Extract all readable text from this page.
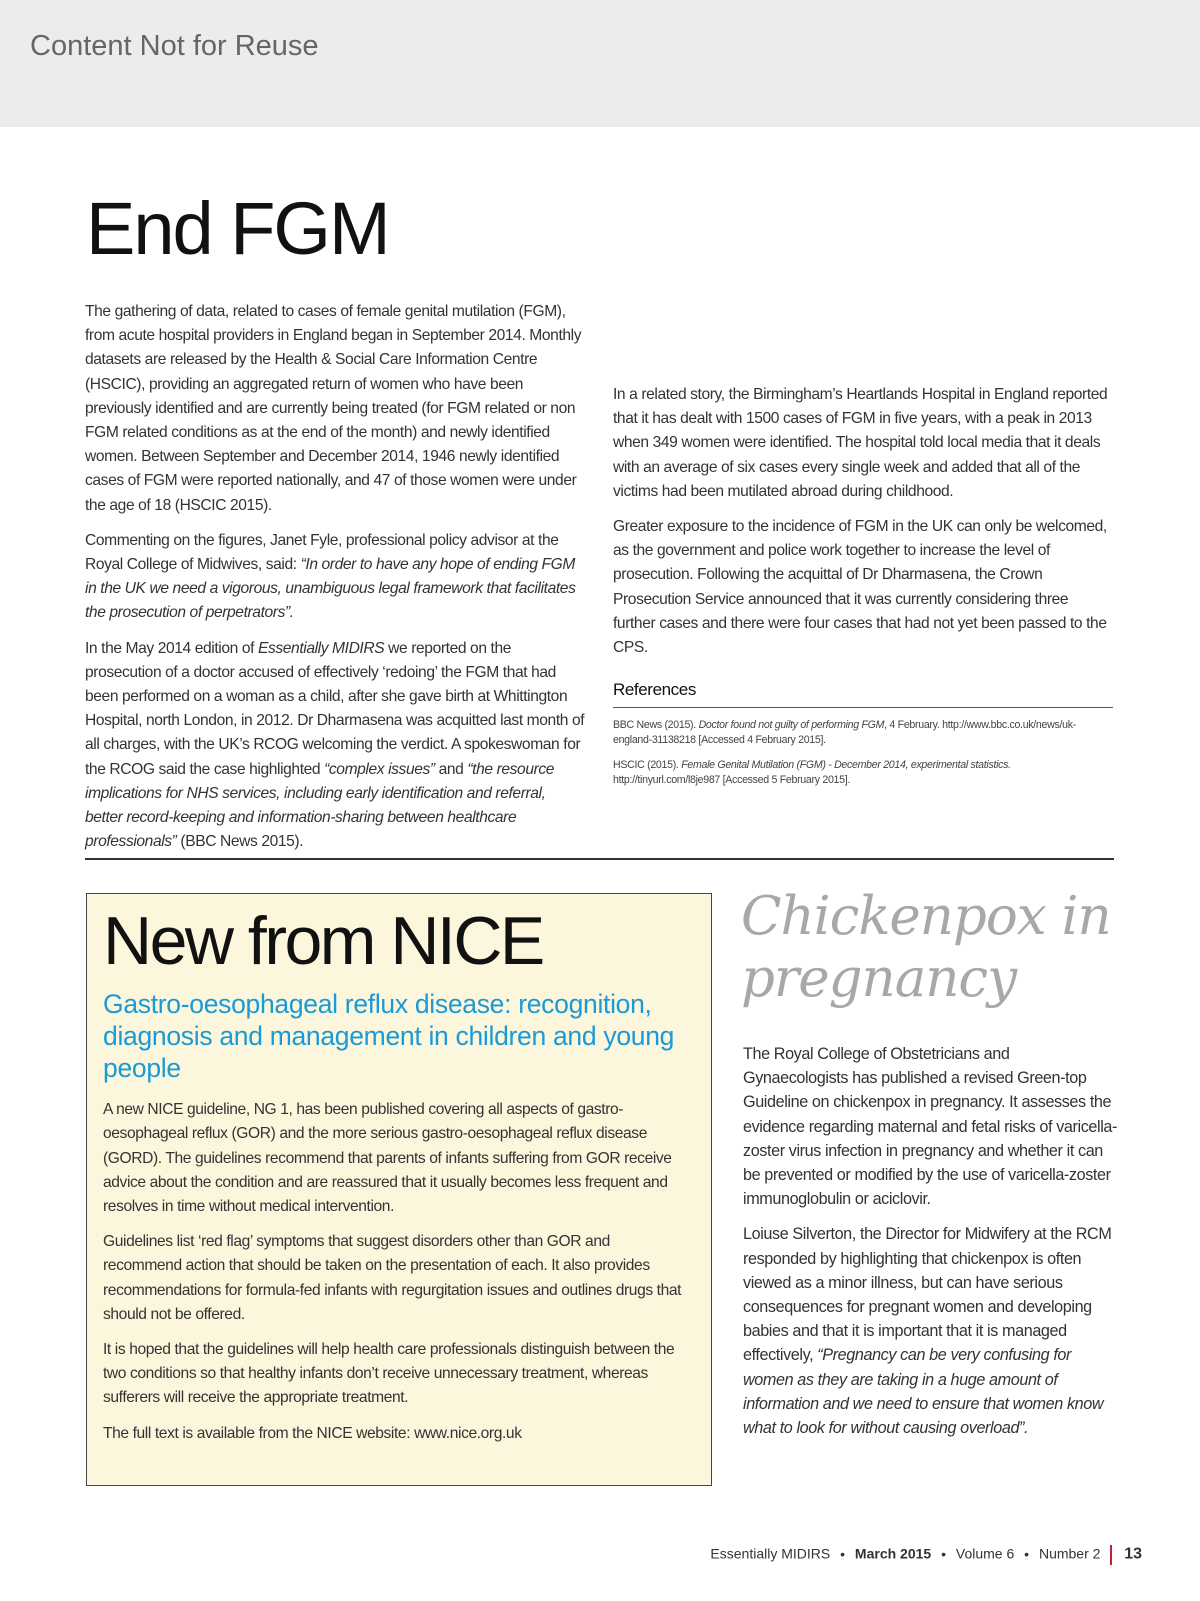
Content Not for Reuse
End FGM

The gathering of data, related to cases of female genital mutilation (FGM), from acute hospital providers in England began in September 2014. Monthly datasets are released by the Health & Social Care Information Centre (HSCIC), providing an aggregated return of women who have been previously identified and are currently being treated (for FGM related or non FGM related conditions as at the end of the month) and newly identified women. Between September and December 2014, 1946 newly identified cases of FGM were reported nationally, and 47 of those women were under the age of 18 (HSCIC 2015).

Commenting on the figures, Janet Fyle, professional policy advisor at the Royal College of Midwives, said: “In order to have any hope of ending FGM in the UK we need a vigorous, unambiguous legal framework that facilitates the prosecution of perpetrators”.

In the May 2014 edition of Essentially MIDIRS we reported on the prosecution of a doctor accused of effectively ‘redoing’ the FGM that had been performed on a woman as a child, after she gave birth at Whittington Hospital, north London, in 2012. Dr Dharmasena was acquitted last month of all charges, with the UK’s RCOG welcoming the verdict. A spokeswoman for the RCOG said the case highlighted “complex issues” and “the resource implications for NHS services, including early identification and referral, better record-keeping and information-sharing between healthcare professionals” (BBC News 2015).

In a related story, the Birmingham’s Heartlands Hospital in England reported that it has dealt with 1500 cases of FGM in five years, with a peak in 2013 when 349 women were identified. The hospital told local media that it deals with an average of six cases every single week and added that all of the victims had been mutilated abroad during childhood.

Greater exposure to the incidence of FGM in the UK can only be welcomed, as the government and police work together to increase the level of prosecution. Following the acquittal of Dr Dharmasena, the Crown Prosecution Service announced that it was currently considering three further cases and there were four cases that had not yet been passed to the CPS.

References
BBC News (2015). Doctor found not guilty of performing FGM, 4 February. http://www.bbc.co.uk/news/uk-england-31138218 [Accessed 4 February 2015].
HSCIC (2015). Female Genital Mutilation (FGM) - December 2014, experimental statistics. http://tinyurl.com/l8je987 [Accessed 5 February 2015].
New from NICE
Gastro-oesophageal reflux disease: recognition, diagnosis and management in children and young people

A new NICE guideline, NG 1, has been published covering all aspects of gastro-oesophageal reflux (GOR) and the more serious gastro-oesophageal reflux disease (GORD). The guidelines recommend that parents of infants suffering from GOR receive advice about the condition and are reassured that it usually becomes less frequent and resolves in time without medical intervention.

Guidelines list ‘red flag’ symptoms that suggest disorders other than GOR and recommend action that should be taken on the presentation of each. It also provides recommendations for formula-fed infants with regurgitation issues and outlines drugs that should not be offered.

It is hoped that the guidelines will help health care professionals distinguish between the two conditions so that healthy infants don’t receive unnecessary treatment, whereas sufferers will receive the appropriate treatment.

The full text is available from the NICE website: www.nice.org.uk

Chickenpox in pregnancy

The Royal College of Obstetricians and Gynaecologists has published a revised Green-top Guideline on chickenpox in pregnancy. It assesses the evidence regarding maternal and fetal risks of varicella-zoster virus infection in pregnancy and whether it can be prevented or modified by the use of varicella-zoster immunoglobulin or aciclovir.

Loiuse Silverton, the Director for Midwifery at the RCM responded by highlighting that chickenpox is often viewed as a minor illness, but can have serious consequences for pregnant women and developing babies and that it is important that it is managed effectively, “Pregnancy can be very confusing for women as they are taking in a huge amount of information and we need to ensure that women know what to look for without causing overload”.

Essentially MIDIRS • March 2015 • Volume 6 • Number 2 13
